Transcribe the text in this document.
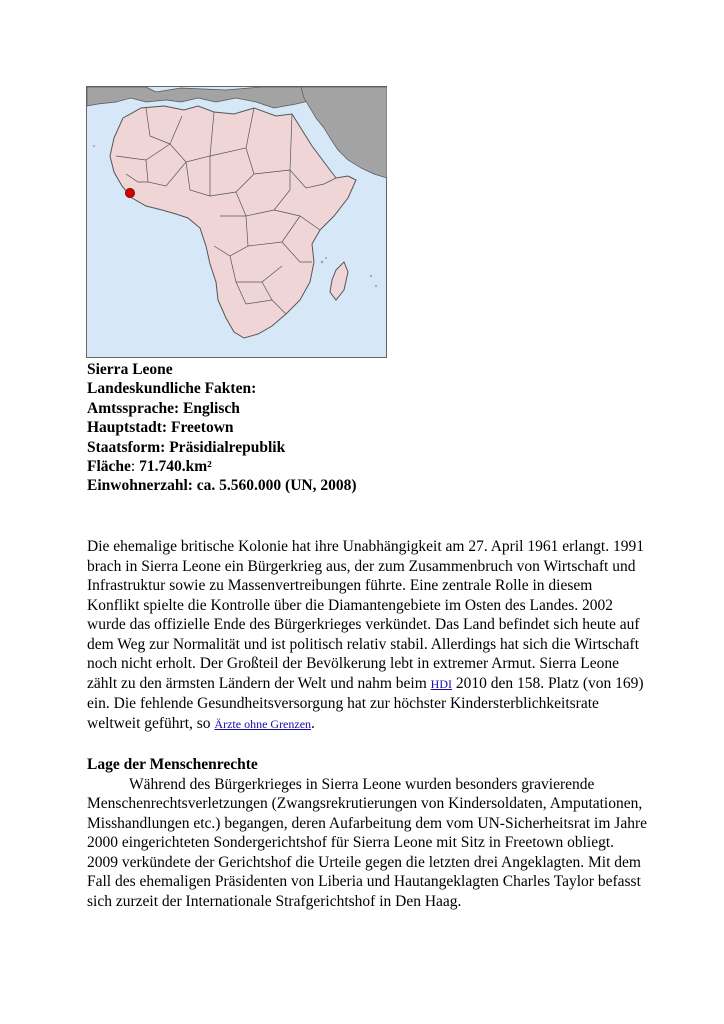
Sierra Leone
Landeskundliche Fakten:
Amtssprache: Englisch
Hauptstadt: Freetown
Staatsform: Präsidialrepublik
Fläche: 71.740.km²
Einwohnerzahl: ca. 5.560.000 (UN, 2008)

Die ehemalige britische Kolonie hat ihre Unabhängigkeit am 27. April 1961 erlangt. 1991 brach in Sierra Leone ein Bürgerkrieg aus, der zum Zusammenbruch von Wirtschaft und Infrastruktur sowie zu Massenvertreibungen führte. Eine zentrale Rolle in diesem Konflikt spielte die Kontrolle über die Diamantengebiete im Osten des Landes. 2002 wurde das offizielle Ende des Bürgerkrieges verkündet. Das Land befindet sich heute auf dem Weg zur Normalität und ist politisch relativ stabil. Allerdings hat sich die Wirtschaft noch nicht erholt. Der Großteil der Bevölkerung lebt in extremer Armut. Sierra Leone zählt zu den ärmsten Ländern der Welt und nahm beim HDI 2010 den 158. Platz (von 169) ein. Die fehlende Gesundheitsversorgung hat zur höchster Kindersterblichkeitsrate weltweit geführt, so Ärzte ohne Grenzen.

Lage der Menschenrechte

Während des Bürgerkrieges in Sierra Leone wurden besonders gravierende Menschenrechtsverletzungen (Zwangsrekrutierungen von Kindersoldaten, Amputationen, Misshandlungen etc.) begangen, deren Aufarbeitung dem vom UN-Sicherheitsrat im Jahre 2000 eingerichteten Sondergerichtshof für Sierra Leone mit Sitz in Freetown obliegt. 2009 verkündete der Gerichtshof die Urteile gegen die letzten drei Angeklagten. Mit dem Fall des ehemaligen Präsidenten von Liberia und Hautangeklagten Charles Taylor befasst sich zurzeit der Internationale Strafgerichtshof in Den Haag.
